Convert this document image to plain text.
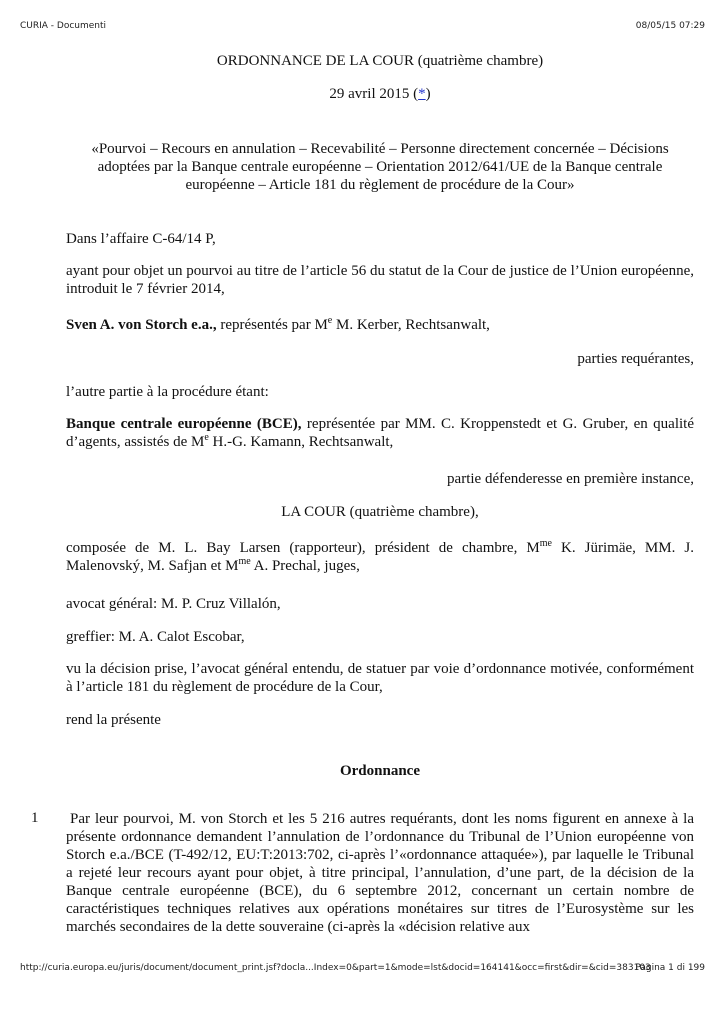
CURIA - Documenti	08/05/15 07:29
ORDONNANCE DE LA COUR (quatrième chambre)
29 avril 2015 (*)
«Pourvoi – Recours en annulation – Recevabilité – Personne directement concernée – Décisions
adoptées par la Banque centrale européenne – Orientation 2012/641/UE de la Banque centrale
européenne – Article 181 du règlement de procédure de la Cour»
Dans l’affaire C-64/14 P,
ayant pour objet un pourvoi au titre de l’article 56 du statut de la Cour de justice de l’Union européenne, introduit le 7 février 2014,
Sven A. von Storch e.a., représentés par Me M. Kerber, Rechtsanwalt,
parties requérantes,
l’autre partie à la procédure étant:
Banque centrale européenne (BCE), représentée par MM. C. Kroppenstedt et G. Gruber, en qualité d’agents, assistés de Me H.-G. Kamann, Rechtsanwalt,
partie défenderesse en première instance,
LA COUR (quatrième chambre),
composée de M. L. Bay Larsen (rapporteur), président de chambre, $M^{me}$ K. Jürimäe, MM. J. Malenovský, M. Safjan et $M^{me}$ A. Prechal, juges,
avocat général: M. P. Cruz Villalón,
greffier: M. A. Calot Escobar,
vu la décision prise, l’avocat général entendu, de statuer par voie d’ordonnance motivée, conformément à l’article 181 du règlement de procédure de la Cour,
rend la présente
Ordonnance
1 Par leur pourvoi, M. von Storch et les 5 216 autres requérants, dont les noms figurent en annexe à la présente ordonnance demandent l’annulation de l’ordonnance du Tribunal de l’Union européenne von Storch e.a./BCE (T-492/12, EU:T:2013:702, ci-après l’«ordonnance attaquée»), par laquelle le Tribunal a rejeté leur recours ayant pour objet, à titre principal, l’annulation, d’une part, de la décision de la Banque centrale européenne (BCE), du 6 septembre 2012, concernant un certain nombre de caractéristiques techniques relatives aux opérations monétaires sur titres de l’Eurosystème sur les marchés secondaires de la dette souveraine (ci-après la «décision relative aux
http://curia.europa.eu/juris/document/document_print.jsf?docla...Index=0&part=1&mode=lst&docid=164141&occ=first&dir=&cid=383103
Pagina 1 di 199
